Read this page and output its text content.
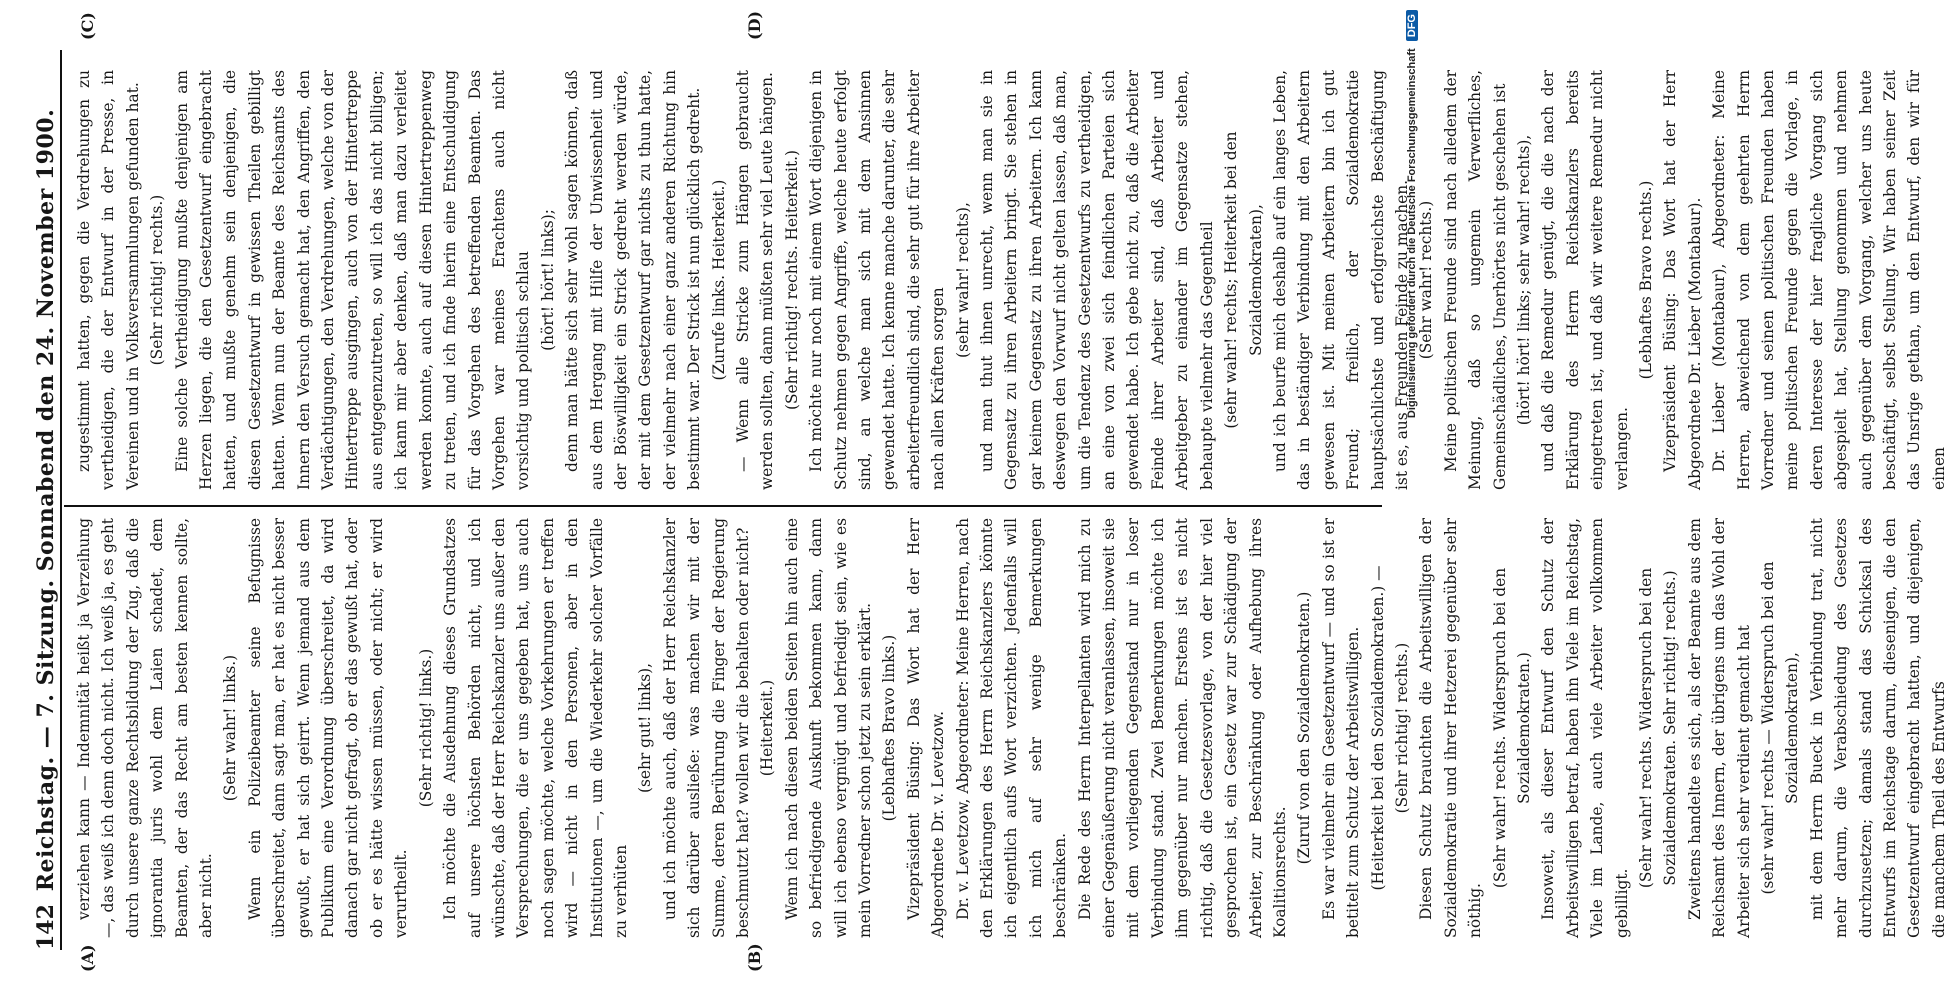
142
Reichstag. — 7. Sitzung. Sonnabend den 24. November 1900.
(A)	(B)
(C)	(D)

verziehen kann — Indemnität heißt ja Verzeihung —, das weiß ich denn doch nicht. Ich weiß ja, es geht durch unsere ganze Rechtsbildung der Zug, daß die ignorantia juris wohl dem Laien schadet, dem Beamten, der das Recht am besten kennen sollte, aber nicht.

(Sehr wahr! links.) Wenn ein Polizeibeamter seine Befugnisse überschreitet, dann sagt man, er hat es nicht besser gewußt, er hat sich geirrt. Wenn jemand aus dem Publikum eine Verordnung überschreitet, da wird danach gar nicht gefragt, ob er das gewußt hat, oder ob er es hätte wissen müssen, oder nicht; er wird verurtheilt.

(Sehr richtig! links.) Ich möchte die Ausdehnung dieses Grundsatzes auf unsere höchsten Behörden nicht, und ich wünschte, daß der Herr Reichskanzler uns außer den Versprechungen, die er uns gegeben hat, uns auch noch sagen möchte, welche Vorkehrungen er treffen wird — nicht in den Personen, aber in den Institutionen —, um die Wiederkehr solcher Vorfälle zu verhüten

(sehr gut! links), und ich möchte auch, daß der Herr Reichskanzler sich darüber ausließe: was machen wir mit der Summe, deren Berührung die Finger der Regierung beschmutzt hat? wollen wir die behalten oder nicht? (Heiterkeit.) Wenn ich nach diesen beiden Seiten hin auch eine so befriedigende Auskunft bekommen kann, dann will ich ebenso vergnügt und befriedigt sein, wie es mein Vorredner schon jetzt zu sein erklärt. (Lebhaftes Bravo links.) Vizepräsident Büsing: Das Wort hat der Herr Abgeordnete Dr. v. Levetzow. Dr. v. Levetzow, Abgeordneter: Meine Herren, nach den Erklärungen des Herrn Reichskanzlers könnte ich eigentlich aufs Wort verzichten. Jedenfalls will ich mich auf sehr wenige Bemerkungen beschränken. Die Rede des Herrn Interpellanten wird mich zu einer Gegenäußerung nicht veranlassen, insoweit sie mit dem vorliegenden Gegenstand nur in loser Verbindung stand. Zwei Bemerkungen möchte ich ihm gegenüber nur machen. Erstens ist es nicht richtig, daß die Gesetzesvorlage, von der hier viel gesprochen ist, ein Gesetz war zur Schädigung der Arbeiter, zur Beschränkung oder Aufhebung ihres Koalitionsrechts.

(Zuruf von den Sozialdemokraten.) Es war vielmehr ein Gesetzentwurf — und so ist er betitelt zum Schutz der Arbeitswilligen. (Heiterkeit bei den Sozialdemokraten.) — (Sehr richtig! rechts.) Diesen Schutz brauchten die Arbeitswilligen der Sozialdemokratie und ihrer Hetzerei gegenüber sehr nöthig.

(Sehr wahr! rechts. Widerspruch bei den Sozialdemokraten.) Insoweit, als dieser Entwurf den Schutz der Arbeitswilligen betraf, haben ihn Viele im Reichstag, Viele im Lande, auch viele Arbeiter vollkommen gebilligt.

(Sehr wahr! rechts. Widerspruch bei den Sozialdemokraten. Sehr richtig! rechts.) Zweitens handelte es sich, als der Beamte aus dem Reichsamt des Innern, der übrigens um das Wohl der Arbeiter sich sehr verdient gemacht hat (sehr wahr! rechts — Widerspruch bei den Sozialdemokraten), mit dem Herrn Bueck in Verbindung trat, nicht mehr darum, die Verabschiedung des Gesetzes durchzusetzen; damals stand das Schicksal des Entwurfs im Reichstage darum, diesenigen, die den Gesetzentwurf eingebracht hatten, und diejenigen, die manchem Theil des Entwurfs

zugestimmt hatten, gegen die Verdrehungen zu vertheidigen, die der Entwurf in der Presse, in Vereinen und in Volksversammlungen gefunden hat. (Sehr richtig! rechts.) Eine solche Vertheidigung mußte denjenigen am Herzen liegen, die den Gesetzentwurf eingebracht hatten, und mußte genehm sein denjenigen, die diesen Gesetzentwurf in gewissen Theilen gebilligt hatten. Wenn nun der Beamte des Reichsamts des Innern den Versuch gemacht hat, den Angriffen, den Verdächtigungen, den Verdrehungen, welche von der Hintertreppe ausgingen, auch von der Hintertreppe aus entgegenzutreten, so will ich das nicht billigen; ich kann mir aber denken, daß man dazu verleitet werden konnte, auch auf diesen Hintertreppenweg zu treten, und ich finde hierin eine Entschuldigung für das Vorgehen des betreffenden Beamten. Das Vorgehen war meines Erachtens auch nicht vorsichtig und politisch schlau (hört! hört! links); denn man hätte sich sehr wohl sagen können, daß aus dem Hergang mit Hilfe der Unwissenheit und der Böswilligkeit ein Strick gedreht werden würde, der mit dem Gesetzentwurf gar nichts zu thun hatte, der vielmehr nach einer ganz anderen Richtung hin bestimmt war. Der Strick ist nun glücklich gedreht. (Zurufe links. Heiterkeit.) — Wenn alle Stricke zum Hängen gebraucht werden sollten, dann müßten sehr viel Leute hängen. (Sehr richtig! rechts. Heiterkeit.) Ich möchte nur noch mit einem Wort diejenigen in Schutz nehmen gegen Angriffe, welche heute erfolgt sind, an welche man sich mit dem Ansinnen gewendet hatte. Ich kenne manche darunter, die sehr arbeiterfreundlich sind, die sehr gut für ihre Arbeiter nach allen Kräften sorgen

(sehr wahr! rechts), und man thut ihnen unrecht, wenn man sie in Gegensatz zu ihren Arbeitern bringt. Sie stehen in gar keinem Gegensatz zu ihren Arbeitern. Ich kann deswegen den Vorwurf nicht gelten lassen, daß man, um die Tendenz des Gesetzentwurfs zu vertheidigen, an eine von zwei sich feindlichen Parteien sich gewendet habe. Ich gebe nicht zu, daß die Arbeiter Feinde ihrer Arbeiter sind, daß Arbeiter und Arbeitgeber zu einander im Gegensatze stehen, behaupte vielmehr das Gegentheil (sehr wahr! rechts; Heiterkeit bei den Sozialdemokraten), und ich beurfe mich deshalb auf ein langes Leben, das in beständiger Verbindung mit den Arbeitern gewesen ist. Mit meinen Arbeitern bin ich gut Freund; freilich, der Sozialdemokratie hauptsächlichste und erfolgreichste Beschäftigung ist es, aus Freunden Feinde zu machen. (Sehr wahr! rechts.) Meine politischen Freunde sind nach alledem der Meinung, daß so ungemein Verwerfliches, Gemeinschädliches, Unerhörtes nicht geschehen ist (hört! hört! links; sehr wahr! rechts), und daß die Remedur genügt, die die nach der Erklärung des Herrn Reichskanzlers bereits eingetreten ist, und daß wir weitere Remedur nicht verlangen.

(Lebhaftes Bravo rechts.) Vizepräsident Büsing: Das Wort hat der Herr Abgeordnete Dr. Lieber (Montabaur). Dr. Lieber (Montabaur), Abgeordneter: Meine Herren, abweichend von dem geehrten Herrn Vorredner und seinen politischen Freunden haben meine politischen Freunde gegen die Vorlage, in deren Interesse der hier fragliche Vorgang sich abgespielt hat, Stellung genommen und nehmen auch gegenüber dem Vorgang, welcher uns heute beschäftigt, selbst Stellung. Wir haben seiner Zeit das Unsrige gethan, um den Entwurf, den wir für einen

Digitalisierung gefördert durch die Deutsche Forschungsgemeinschaft DFG
